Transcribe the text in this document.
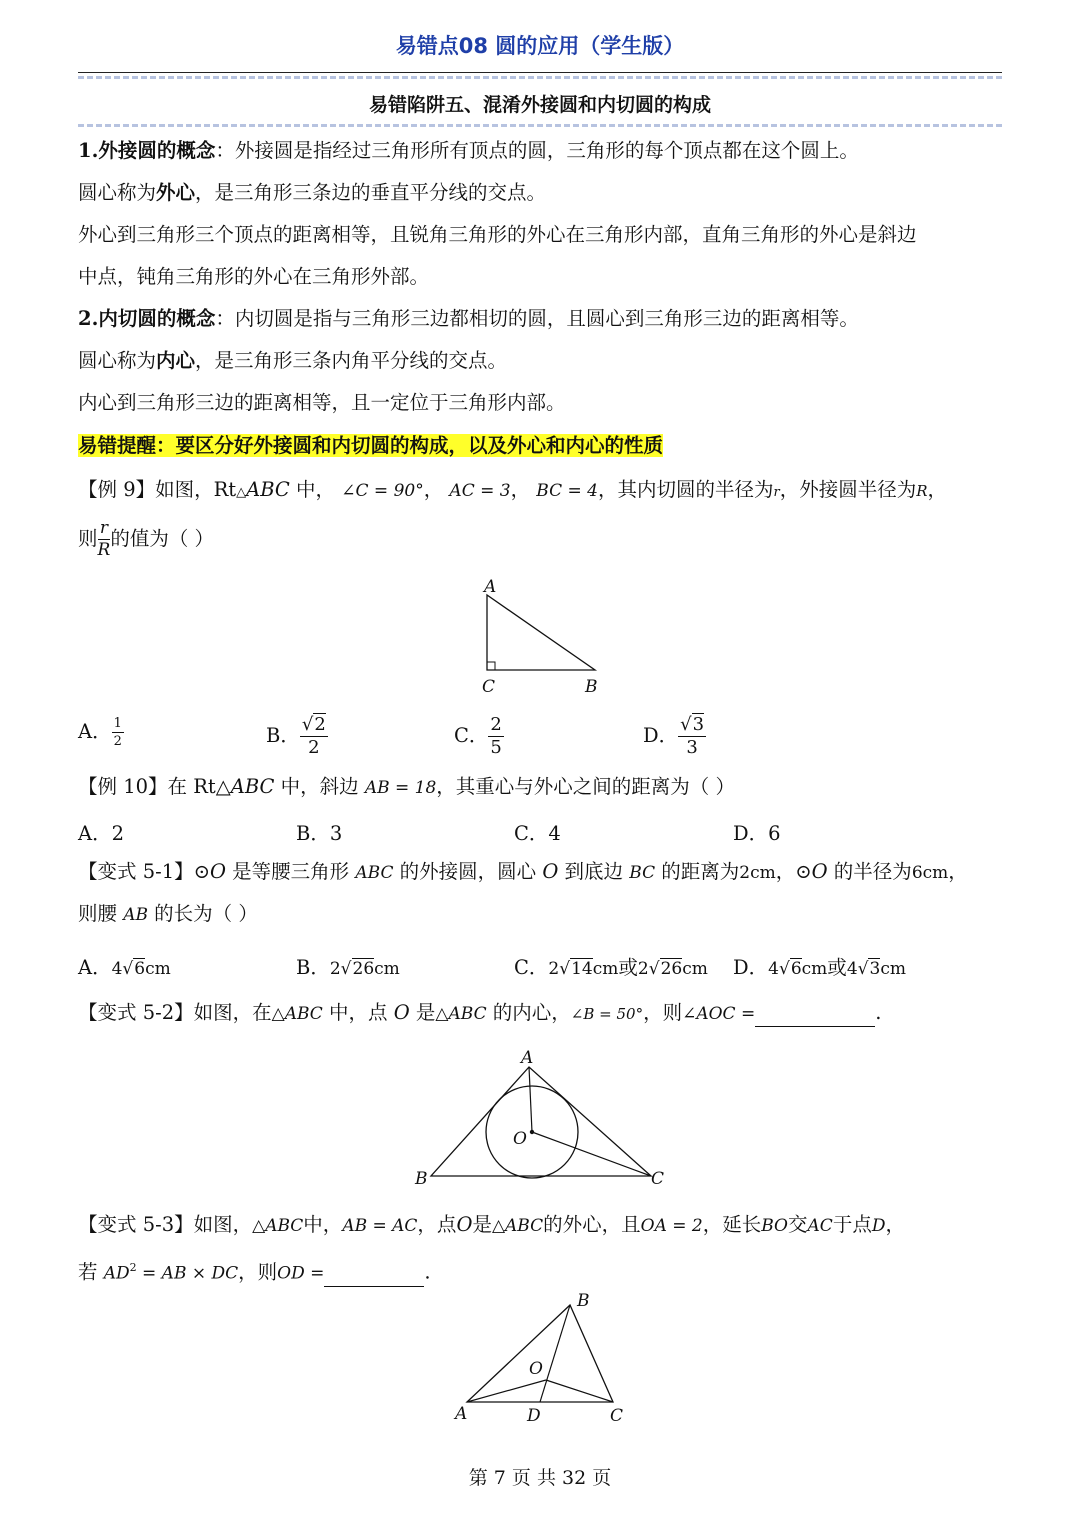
易错点08 圆的应用（学生版）
易错陷阱五、混淆外接圆和内切圆的构成
1.外接圆的概念：外接圆是指经过三角形所有顶点的圆，三角形的每个顶点都在这个圆上。
圆心称为外心，是三角形三条边的垂直平分线的交点。
外心到三角形三个顶点的距离相等，且锐角三角形的外心在三角形内部，直角三角形的外心是斜边
中点，钝角三角形的外心在三角形外部。
2.内切圆的概念：内切圆是指与三角形三边都相切的圆，且圆心到三角形三边的距离相等。
圆心称为内心，是三角形三条内角平分线的交点。
内心到三角形三边的距离相等，且一定位于三角形内部。
易错提醒：要区分好外接圆和内切圆的构成，以及外心和内心的性质
【例 9】如图，Rt△ABC 中， ∠C = 90°， AC = 3， BC = 4，其内切圆的半径为r，外接圆半径为R，
则 $\frac{r}{R}$ 的值为（ ）
A
C	B
A． $\frac{1}{2}$	B． $\frac{√2}{2}$	C． $\frac{2}{5}$	D． $\frac{√3}{3}$
【例 10】在 Rt△ABC 中，斜边 AB = 18，其重心与外心之间的距离为（ ）
A．2	B．3	C．4	D．6
【变式 5-1】⊙O 是等腰三角形 ABC 的外接圆，圆心 O 到底边 BC 的距离为2cm，⊙O 的半径为6cm，
则腰 AB 的长为（ ）
A．4√6cm	B．2√26cm	C．2√14cm或2√26cm D．4√6cm或4√3cm
【变式 5-2】如图，在△ABC 中，点 O 是△ABC 的内心，∠B = 50°，则∠AOC =	.
A
B	C
O
【变式 5-3】如图，△ABC中，AB = AC，点O是△ABC的外心，且OA = 2，延长BO交AC于点D，
若 $AD^2$ = AB × DC，则OD =	.
B
A	D	C
O
第 7 页 共 32 页
